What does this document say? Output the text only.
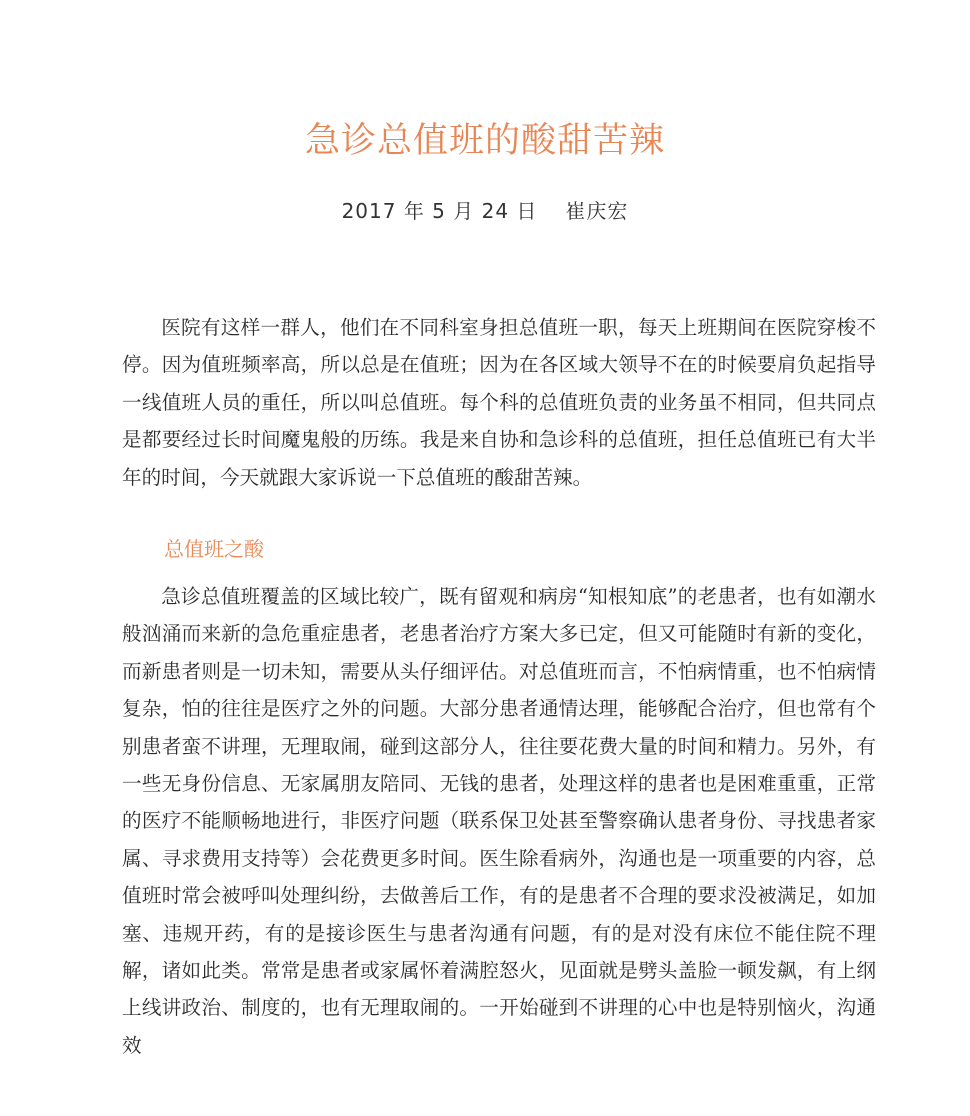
急诊总值班的酸甜苦辣
2017 年 5 月 24 日 崔庆宏

医院有这样一群人，他们在不同科室身担总值班一职，每天上班期间在医院穿梭不停。因为值班频率高，所以总是在值班；因为在各区域大领导不在的时候要肩负起指导一线值班人员的重任，所以叫总值班。每个科的总值班负责的业务虽不相同，但共同点是都要经过长时间魔鬼般的历练。我是来自协和急诊科的总值班，担任总值班已有大半年的时间，今天就跟大家诉说一下总值班的酸甜苦辣。

总值班之酸

急诊总值班覆盖的区域比较广，既有留观和病房“知根知底”的老患者，也有如潮水般汹涌而来新的急危重症患者，老患者治疗方案大多已定，但又可能随时有新的变化，而新患者则是一切未知，需要从头仔细评估。对总值班而言，不怕病情重，也不怕病情复杂，怕的往往是医疗之外的问题。大部分患者通情达理，能够配合治疗，但也常有个别患者蛮不讲理，无理取闹，碰到这部分人，往往要花费大量的时间和精力。另外，有一些无身份信息、无家属朋友陪同、无钱的患者，处理这样的患者也是困难重重，正常的医疗不能顺畅地进行，非医疗问题（联系保卫处甚至警察确认患者身份、寻找患者家属、寻求费用支持等）会花费更多时间。医生除看病外，沟通也是一项重要的内容，总值班时常会被呼叫处理纠纷，去做善后工作，有的是患者不合理的要求没被满足，如加塞、违规开药，有的是接诊医生与患者沟通有问题，有的是对没有床位不能住院不理解，诸如此类。常常是患者或家属怀着满腔怒火，见面就是劈头盖脸一顿发飙，有上纲上线讲政治、制度的，也有无理取闹的。一开始碰到不讲理的心中也是特别恼火，沟通效
